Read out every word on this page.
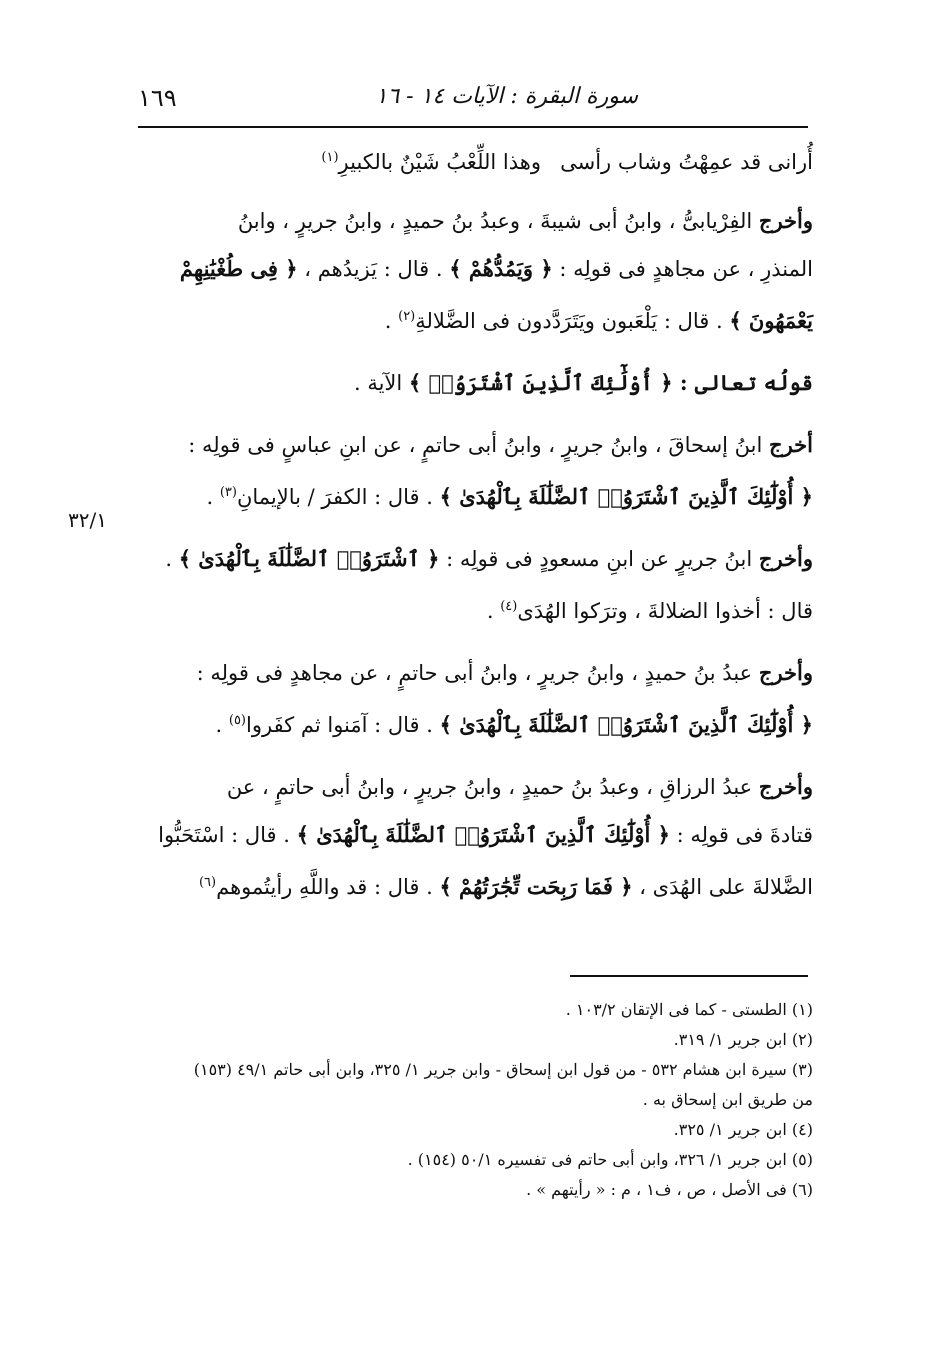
١٦٩	سورة البقرة : الآيات ١٤ - ١٦
٣٢/١
أُرانى قد عمِهْتُ وشاب رأسى
وهذا اللِّعْبُ شَيْنٌ بالكبيرِ$^{(١)}$

وأخرج الفِرْيابىُّ ، وابنُ أبى شيبةَ ، وعبدُ بنُ حميدٍ ، وابنُ جريرٍ ، وابنُ
المنذرِ ، عن مجاهدٍ فى قولِه : ﴿ وَيَمُدُّهُمْ ﴾ . قال : يَزيدُهم ، ﴿ فِى طُغْيَٰنِهِمْ
يَعْمَهُونَ ﴾ . قال : يَلْعَبون ويَتَرَدَّدون فى الضَّلالةِ$^{(٢)}$ .

قولُه تعالى : ﴿ أُوْلَٰٓئِكَ ٱلَّذِينَ ٱشْتَرَوُا۟ ﴾ الآية .

أخرج ابنُ إسحاقَ ، وابنُ جريرٍ ، وابنُ أبى حاتمٍ ، عن ابنِ عباسٍ فى قولِه :
﴿ أُوْلَٰٓئِكَ ٱلَّذِينَ ٱشْتَرَوُا۟ ٱلضَّلَٰلَةَ بِٱلْهُدَىٰ ﴾ . قال : الكفرَ / بالإيمانِ$^{(٣)}$ .

وأخرج ابنُ جريرٍ عن ابنِ مسعودٍ فى قولِه : ﴿ ٱشْتَرَوُا۟ ٱلضَّلَٰلَةَ بِٱلْهُدَىٰ ﴾ .
قال : أخذوا الضلالةَ ، وترَكوا الهُدَى$^{(٤)}$ .

وأخرج عبدُ بنُ حميدٍ ، وابنُ جريرٍ ، وابنُ أبى حاتمٍ ، عن مجاهدٍ فى قولِه :
﴿ أُوْلَٰٓئِكَ ٱلَّذِينَ ٱشْتَرَوُا۟ ٱلضَّلَٰلَةَ بِٱلْهُدَىٰ ﴾ . قال : آمَنوا ثم كفَروا$^{(٥)}$ .

وأخرج عبدُ الرزاقِ ، وعبدُ بنُ حميدٍ ، وابنُ جريرٍ ، وابنُ أبى حاتمٍ ، عن
قتادةَ فى قولِه : ﴿ أُوْلَٰٓئِكَ ٱلَّذِينَ ٱشْتَرَوُا۟ ٱلضَّلَٰلَةَ بِٱلْهُدَىٰ ﴾ . قال : اسْتَحَبُّوا
الضَّلالةَ على الهُدَى ، ﴿ فَمَا رَبِحَت تِّجَٰرَتُهُمْ ﴾ . قال : قد واللَّهِ رأيتُموهم$^{(٦)}$

(١) الطستى - كما فى الإتقان ١٠٣/٢ .

(٢) ابن جرير ١/ ٣١٩.

(٣) سيرة ابن هشام ٥٣٢ - من قول ابن إسحاق - وابن جرير ١/ ٣٢٥، وابن أبى حاتم ٤٩/١ (١٥٣)

من طريق ابن إسحاق به .

(٤) ابن جرير ١/ ٣٢٥.

(٥) ابن جرير ١/ ٣٢٦، وابن أبى حاتم فى تفسيره ٥٠/١ (١٥٤) .

(٦) فى الأصل ، ص ، ف١ ، م : « رأيتهم » .
